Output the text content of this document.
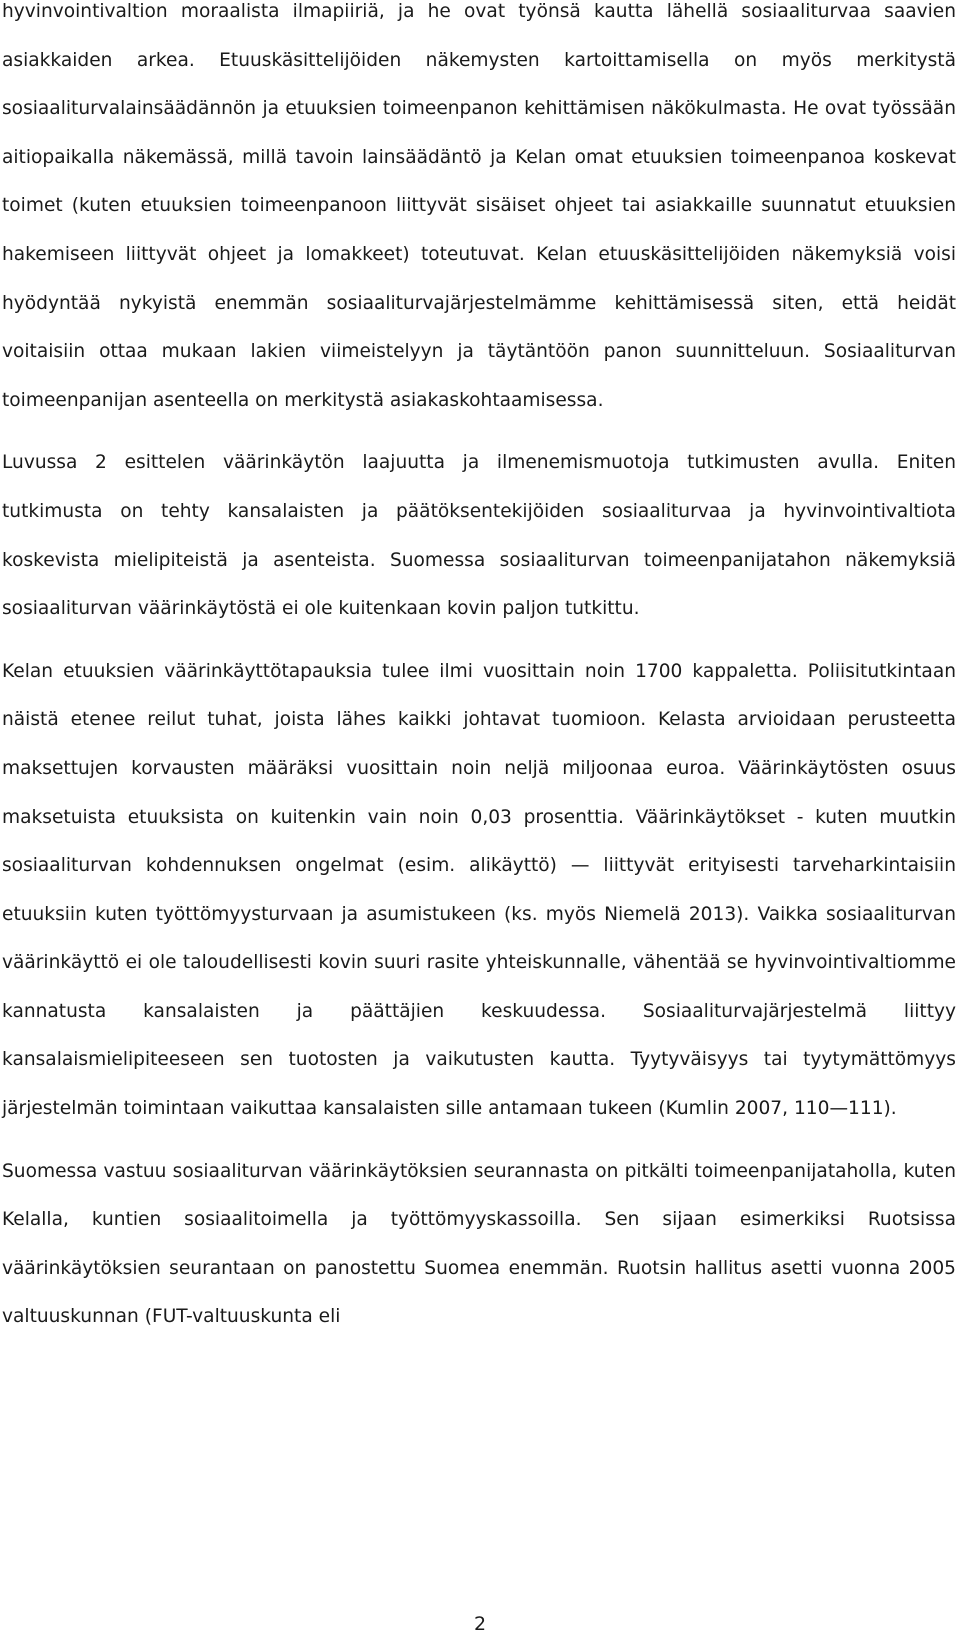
hyvinvointivaltion moraalista ilmapiiriä, ja he ovat työnsä kautta lähellä sosiaaliturvaa saavien asiakkaiden arkea. Etuuskäsittelijöiden näkemysten kartoittamisella on myös merkitystä sosiaaliturvalainsäädännön ja etuuksien toimeenpanon kehittämisen näkökulmasta. He ovat työssään aitiopaikalla näkemässä, millä tavoin lainsäädäntö ja Kelan omat etuuksien toimeenpanoa koskevat toimet (kuten etuuksien toimeenpanoon liittyvät sisäiset ohjeet tai asiakkaille suunnatut etuuksien hakemiseen liittyvät ohjeet ja lomakkeet) toteutuvat. Kelan etuuskäsittelijöiden näkemyksiä voisi hyödyntää nykyistä enemmän sosiaaliturvajärjestelmämme kehittämisessä siten, että heidät voitaisiin ottaa mukaan lakien viimeistelyyn ja täytäntöön panon suunnitteluun. Sosiaaliturvan toimeenpanijan asenteella on merkitystä asiakaskohtaamisessa.

Luvussa 2 esittelen väärinkäytön laajuutta ja ilmenemismuotoja tutkimusten avulla. Eniten tutkimusta on tehty kansalaisten ja päätöksentekijöiden sosiaaliturvaa ja hyvinvointivaltiota koskevista mielipiteistä ja asenteista. Suomessa sosiaaliturvan toimeenpanijatahon näkemyksiä sosiaaliturvan väärinkäytöstä ei ole kuitenkaan kovin paljon tutkittu.

Kelan etuuksien väärinkäyttötapauksia tulee ilmi vuosittain noin 1700 kappaletta. Poliisitutkintaan näistä etenee reilut tuhat, joista lähes kaikki johtavat tuomioon. Kelasta arvioidaan perusteetta maksettujen korvausten määräksi vuosittain noin neljä miljoonaa euroa. Väärinkäytösten osuus maksetuista etuuksista on kuitenkin vain noin 0,03 prosenttia. Väärinkäytökset - kuten muutkin sosiaaliturvan kohdennuksen ongelmat (esim. alikäyttö) — liittyvät erityisesti tarveharkintaisiin etuuksiin kuten työttömyysturvaan ja asumistukeen (ks. myös Niemelä 2013). Vaikka sosiaaliturvan väärinkäyttö ei ole taloudellisesti kovin suuri rasite yhteiskunnalle, vähentää se hyvinvointivaltiomme kannatusta kansalaisten ja päättäjien keskuudessa. Sosiaaliturvajärjestelmä liittyy kansalaismielipiteeseen sen tuotosten ja vaikutusten kautta. Tyytyväisyys tai tyytymättömyys järjestelmän toimintaan vaikuttaa kansalaisten sille antamaan tukeen (Kumlin 2007, 110—111).

Suomessa vastuu sosiaaliturvan väärinkäytöksien seurannasta on pitkälti toimeenpanijataholla, kuten Kelalla, kuntien sosiaalitoimella ja työttömyyskassoilla. Sen sijaan esimerkiksi Ruotsissa väärinkäytöksien seurantaan on panostettu Suomea enemmän. Ruotsin hallitus asetti vuonna 2005 valtuuskunnan (FUT-valtuuskunta eli

2
